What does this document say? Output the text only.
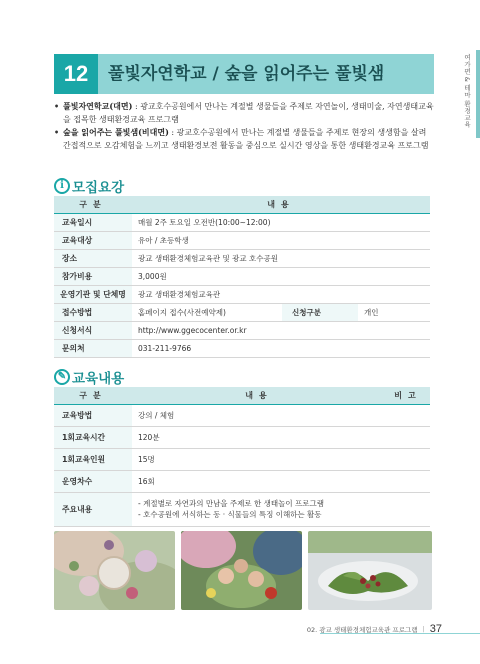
여가편 & 테마 환경교육
12	풀빛자연학교 / 숲을 읽어주는 풀빛샘
• 풀빛자연학교(대면) : 광교호수공원에서 만나는 계절별 생물들을 주제로 자연놀이, 생태미술, 자연생태교육을 접목한 생태환경교육 프로그램
• 숲을 읽어주는 풀빛샘(비대면) : 광교호수공원에서 만나는 계절별 생물들을 주제로 현장의 생생함을 살려 간접적으로 오감체험을 느끼고 생태환경보전 활동을 중심으로 실시간 영상을 통한 생태환경교육 프로그램
i 모집요강
구분	내용		
교육일시	매월 2주 토요일 오전반(10:00~12:00)		
교육대상	유아 / 초등학생		
장소	광교 생태환경체험교육관 및 광교 호수공원		
참가비용	3,000원		
운영기관 및 단체명	광교 생태환경체험교육관		
접수방법	홈페이지 접수(사전예약제)	신청구분	개인
신청서식	http://www.ggecocenter.or.kr		
문의처	031-211-9766		
✎ 교육내용
구분	내용	비고
교육방법	강의 / 체험	
1회교육시간	120분	
1회교육인원	15명	
운영차수	16회	
주요내용	- 계절별로 자연과의 만남을 주제로 한 생태놀이 프로그램
- 호수공원에 서식하는 동 · 식물들의 특징 이해하는 활동	

02. 광교 생태환경체험교육관 프로그램 | 37
